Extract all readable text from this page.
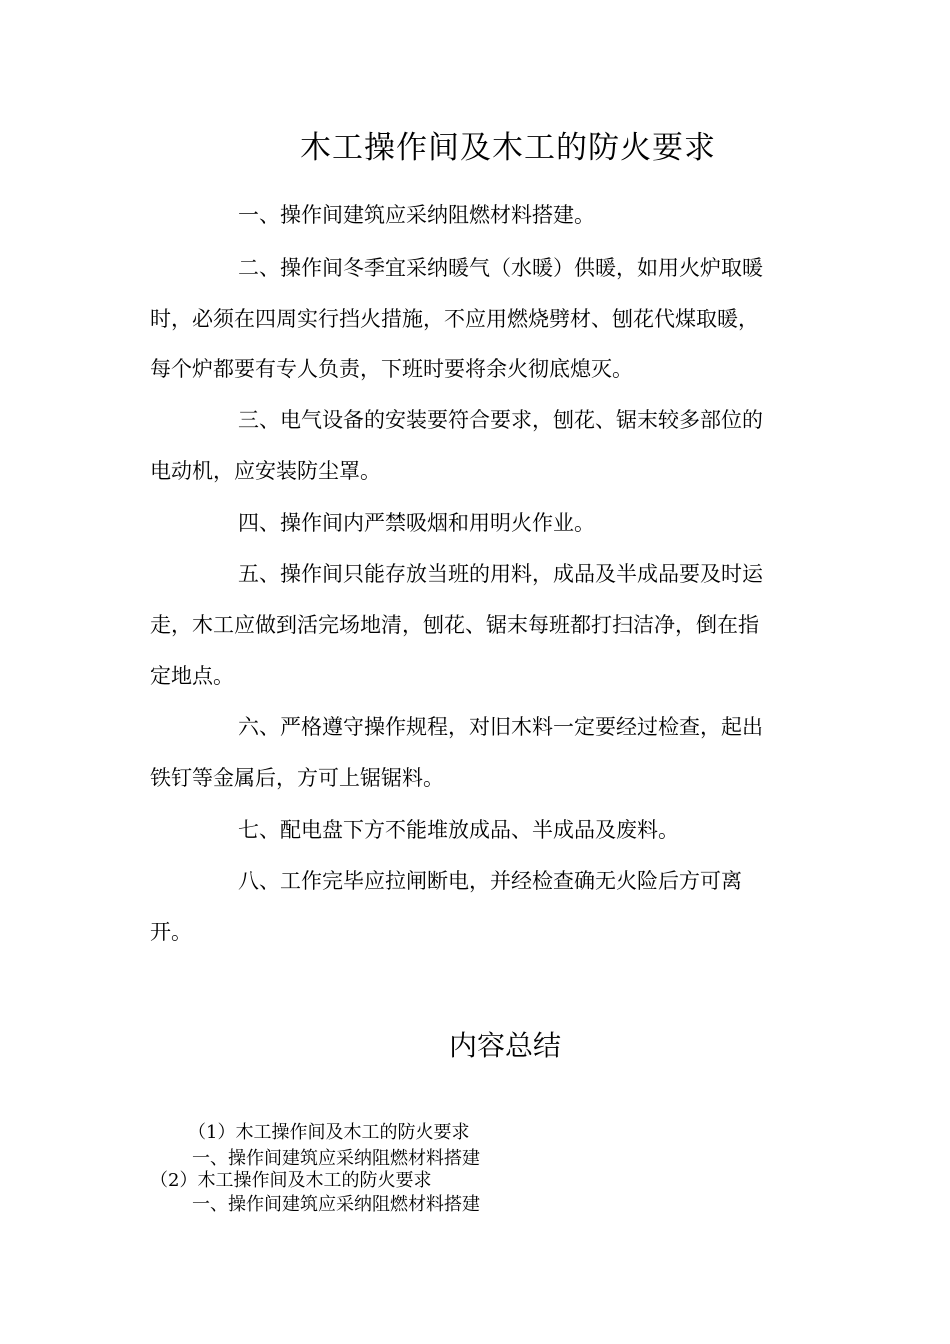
木工操作间及木工的防火要求
一、操作间建筑应采纳阻燃材料搭建。
二、操作间冬季宜采纳暖气（水暖）供暖，如用火炉取暖
时，必须在四周实行挡火措施，不应用燃烧劈材、刨花代煤取暖，
每个炉都要有专人负责，下班时要将余火彻底熄灭。
三、电气设备的安装要符合要求，刨花、锯末较多部位的
电动机，应安装防尘罩。
四、操作间内严禁吸烟和用明火作业。
五、操作间只能存放当班的用料，成品及半成品要及时运
走，木工应做到活完场地清，刨花、锯末每班都打扫洁净，倒在指
定地点。
六、严格遵守操作规程，对旧木料一定要经过检查，起出
铁钉等金属后，方可上锯锯料。
七、配电盘下方不能堆放成品、半成品及废料。
八、工作完毕应拉闸断电，并经检查确无火险后方可离
开。
内容总结
（1）木工操作间及木工的防火要求
一、操作间建筑应采纳阻燃材料搭建
（2）木工操作间及木工的防火要求
一、操作间建筑应采纳阻燃材料搭建
